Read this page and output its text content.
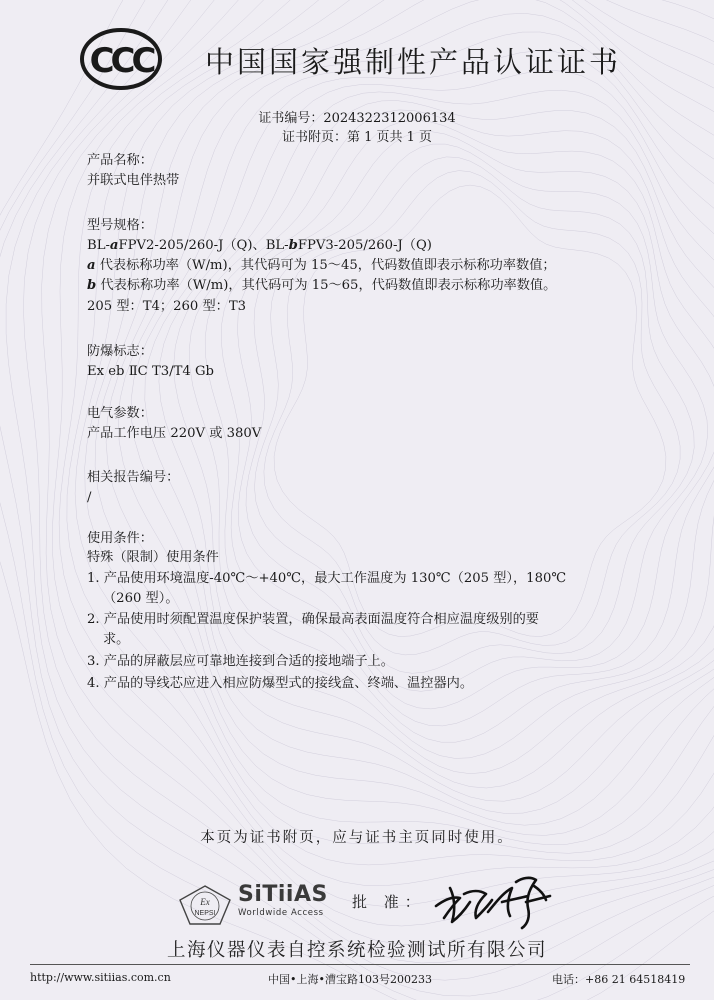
CCC 中国国家强制性产品认证证书
证书编号：2024322312006134
证书附页：第 1 页共 1 页
产品名称：
并联式电伴热带
型号规格：
BL-aFPV2-205/260-J（Q)、BL-bFPV3-205/260-J（Q)
a 代表标称功率（W/m)，其代码可为 15～45，代码数值即表示标称功率数值；
b 代表标称功率（W/m)，其代码可为 15～65，代码数值即表示标称功率数值。
205 型：T4；260 型：T3
防爆标志：
Ex eb ⅡC T3/T4 Gb
电气参数：
产品工作电压 220V 或 380V
相关报告编号：
/
使用条件：
特殊（限制）使用条件
1. 产品使用环境温度-40℃～+40℃，最大工作温度为 130℃（205 型），180℃
（260 型）。
2. 产品使用时须配置温度保护装置，确保最高表面温度符合相应温度级别的要
求。
3. 产品的屏蔽层应可靠地连接到合适的接地端子上。
4. 产品的导线芯应进入相应防爆型式的接线盒、终端、温控器内。
本页为证书附页，应与证书主页同时使用。
Ex
NEPSI
SiTiiAS
Worldwide Access
批 准：
上海仪器仪表自控系统检验测试所有限公司
http://www.sitiias.com.cn	中国•上海•漕宝路103号200233	电话：+86 21 64518419
